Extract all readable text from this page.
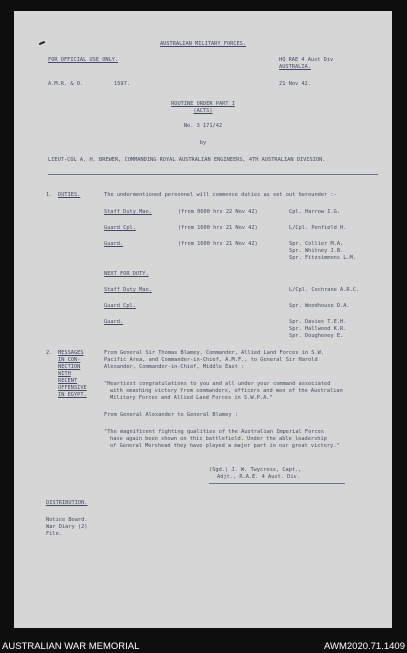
AUSTRALIAN MILITARY FORCES.
FOR OFFICIAL USE ONLY.	HQ RAE 4 Aust Div
AUSTRALIA.
A.M.R. & O.	1597.	21 Nov 42.
ROUTINE ORDER PART I
(ACTS)
No. 3 171/42
by
LIEUT-COL A. H. BREWER, COMMANDING ROYAL AUSTRALIAN ENGINEERS, 4TH AUSTRALIAN DIVISION.
1. DUTIES.	The undermentioned personnel will commence duties as set out hereunder :-
Staff Duty Man.	(from 0600 hrs 22 Nov 42)	Cpl. Harrow I.G.
Guard Cpl.	(from 1600 hrs 21 Nov 42)	L/Cpl. Penfield H.
Guard.	(from 1600 hrs 21 Nov 42)	Spr. Collier M.A.
Spr. Whitney J.B.
Spr. Fitzsimmons L.M.
NEXT FOR DUTY.
Staff Duty Man.	L/Cpl. Cochrane A.R.C.
Guard Cpl.	Spr. Woodhouse D.A.
Guard.	Spr. Davies T.E.H.
Spr. Hallwood K.R.
Spr. Dougheney E.
2. MESSAGES
IN CON-
NECTION
WITH
RECENT
OFFENSIVE
IN EGYPT.
From General Sir Thomas Blamey, Commander, Allied Land Forces in S.W.
Pacific Area, and Commander-in-Chief, A.M.F., to General Sir Harold
Alexander, Commander-in-Chief, Middle East :
"Heartiest congratulations to you and all under your command associated
with smashing victory from commanders, officers and men of the Australian
Military Forces and Allied Land Forces in S.W.P.A."
From General Alexander to General Blamey :
"The magnificent fighting qualities of the Australian Imperial Forces
have again been shown on this battlefield. Under the able leadership
of General Morshead they have played a major part in our great victory."
(Sgd.) J. W. Twycross, Capt.,
Adjt., R.A.E. 4 Aust. Div.
DISTRIBUTION.
Notice Board.
War Diary (2)
File.
AUSTRALIAN WAR MEMORIAL	AWM2020.71.1409
